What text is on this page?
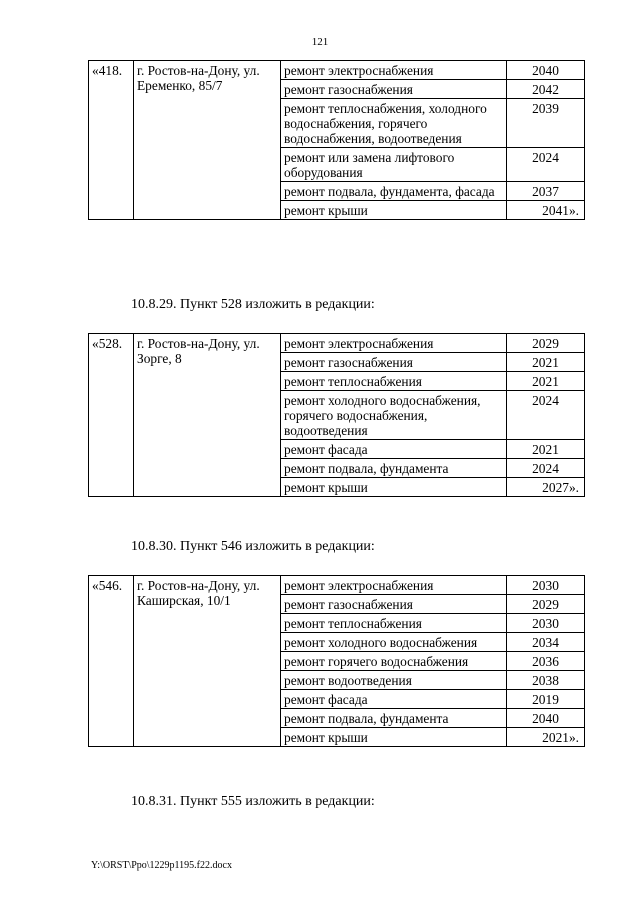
121
«418.	г. Ростов-на-Дону, ул. Еременко, 85/7	ремонт электроснабжения	2040
		ремонт газоснабжения	2042
		ремонт теплоснабжения, холодного водоснабжения, горячего водоснабжения, водоотведения	2039
		ремонт или замена лифтового оборудования	2024
		ремонт подвала, фундамента, фасада	2037
		ремонт крыши	2041».
10.8.29. Пункт 528 изложить в редакции:
«528.	г. Ростов-на-Дону, ул. Зорге, 8	ремонт электроснабжения	2029
		ремонт газоснабжения	2021
		ремонт теплоснабжения	2021
		ремонт холодного водоснабжения, горячего водоснабжения, водоотведения	2024
		ремонт фасада	2021
		ремонт подвала, фундамента	2024
		ремонт крыши	2027».
10.8.30. Пункт 546 изложить в редакции:
«546.	г. Ростов-на-Дону, ул. Каширская, 10/1	ремонт электроснабжения	2030
		ремонт газоснабжения	2029
		ремонт теплоснабжения	2030
		ремонт холодного водоснабжения	2034
		ремонт горячего водоснабжения	2036
		ремонт водоотведения	2038
		ремонт фасада	2019
		ремонт подвала, фундамента	2040
		ремонт крыши	2021».
10.8.31. Пункт 555 изложить в редакции:
Y:\ORST\Ppo\1229p1195.f22.docx
